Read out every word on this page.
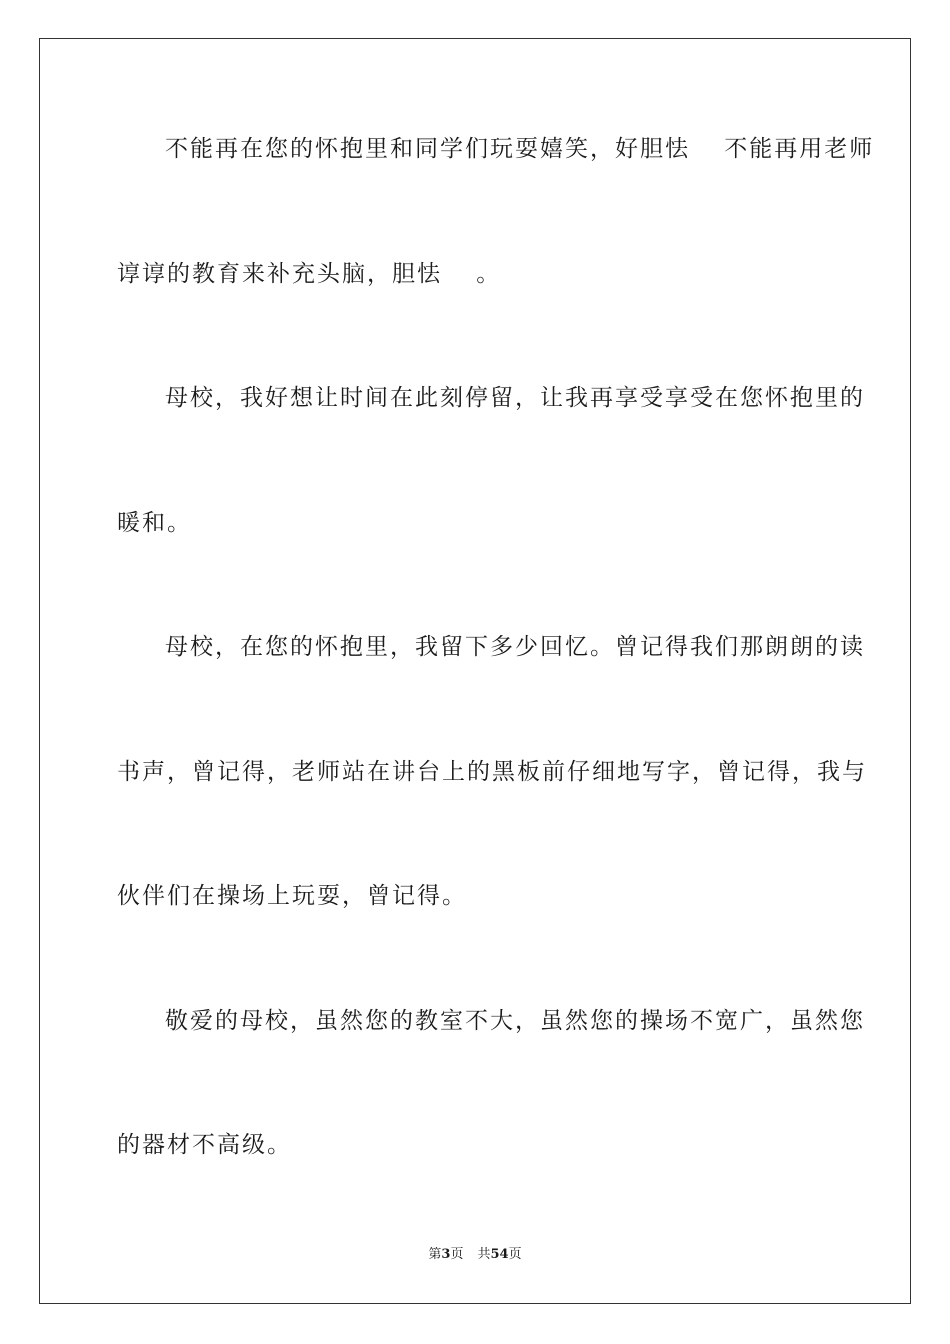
不能再在您的怀抱里和同学们玩耍嬉笑，好胆怯　 不能再用老师
谆谆的教育来补充头脑，胆怯　 。
母校，我好想让时间在此刻停留，让我再享受享受在您怀抱里的
暖和。
母校，在您的怀抱里，我留下多少回忆。曾记得我们那朗朗的读
书声，曾记得，老师站在讲台上的黑板前仔细地写字，曾记得，我与
伙伴们在操场上玩耍，曾记得。
敬爱的母校，虽然您的教室不大，虽然您的操场不宽广，虽然您
的器材不高级。
第3页 共54页
